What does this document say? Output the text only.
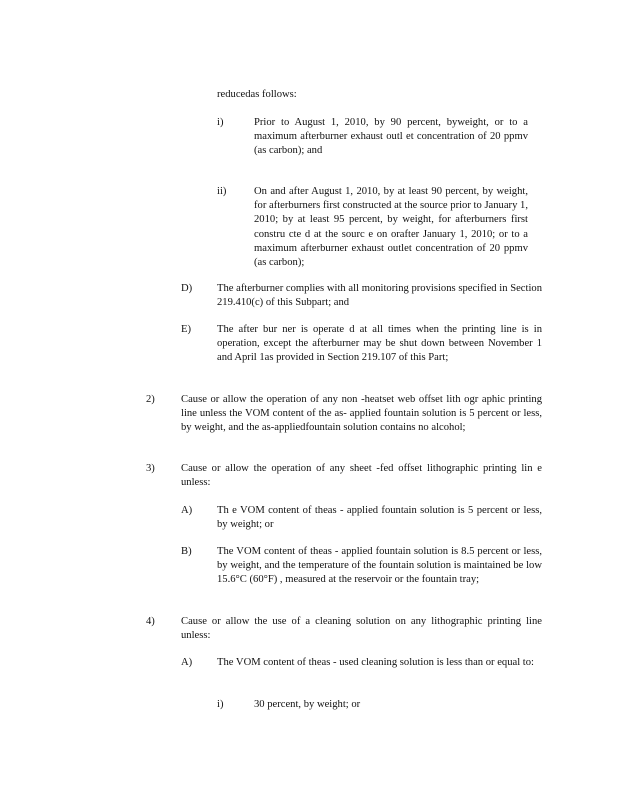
reducedas follows:
i)	Prior to August 1, 2010, by 90 percent, byweight, or to a maximum afterburner exhaust outl et concentration of 20 ppmv (as carbon); and
ii)	On and after August 1, 2010, by at least 90 percent, by weight, for afterburners first constructed at the source prior to January 1, 2010; by at least 95 percent, by weight, for afterburners first constru cte d at the sourc e on orafter January 1, 2010; or to a maximum afterburner exhaust outlet concentration of 20 ppmv (as carbon);
D) The afterburner complies with all monitoring provisions specified in Section 219.410(c) of this Subpart; and
E) The after bur ner is operate d at all times when the printing line is in operation, except the afterburner may be shut down between November 1 and April 1as provided in Section 219.107 of this Part;
2) Cause or allow the operation of any non -heatset web offset lith ogr aphic printing line unless the VOM content of the as- applied fountain solution is 5 percent or less, by weight, and the as-appliedfountain solution contains no alcohol;
3) Cause or allow the operation of any sheet -fed offset lithographic printing lin e unless:
A) Th e VOM content of theas - applied fountain solution is 5 percent or less, by weight; or
B) The VOM content of theas - applied fountain solution is 8.5 percent or less, by weight, and the temperature of the fountain solution is maintained be low 15.6°C (60°F) , measured at the reservoir or the fountain tray;
4) Cause or allow the use of a cleaning solution on any lithographic printing line unless:
A) The VOM content of theas - used cleaning solution is less than or equal to:
i)	30 percent, by weight; or
